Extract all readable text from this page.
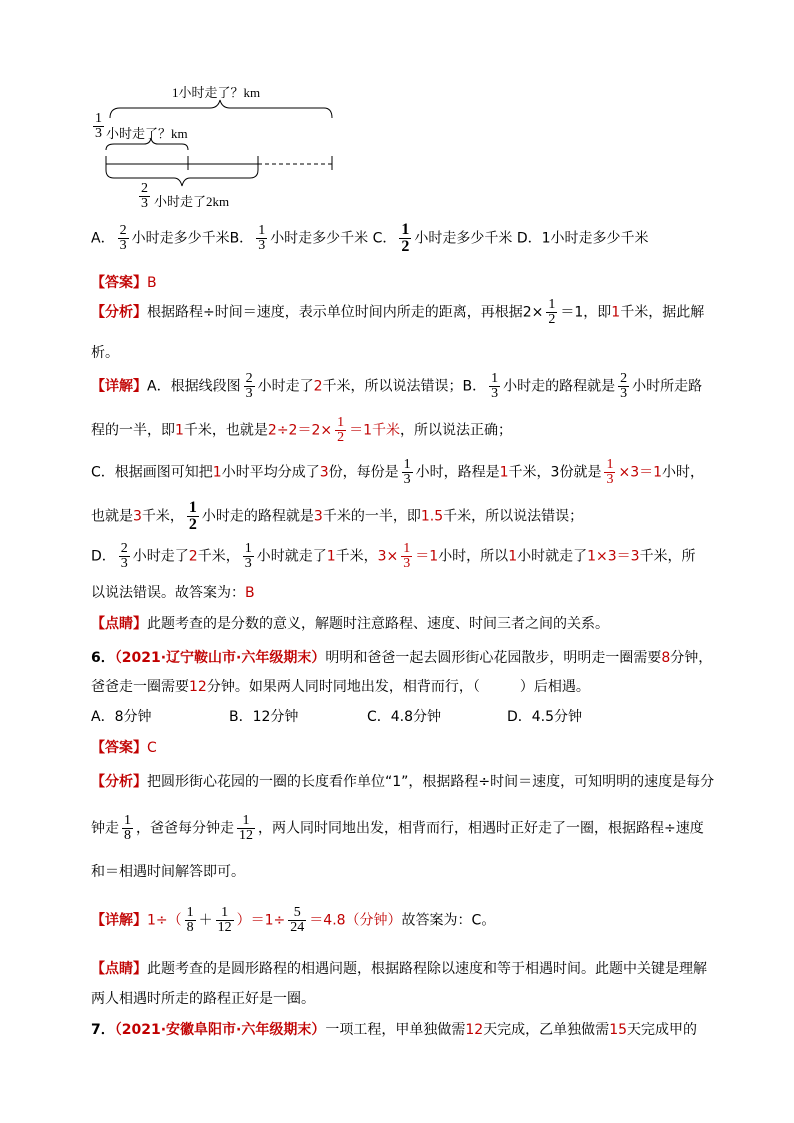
1小时走了？km
$\frac{1}{3}$ 小时走了？km
$\frac{2}{3}$ 小时走了2km
A． $\frac{2}{3}$ 小时走多少千米B． $\frac{1}{3}$ 小时走多少千米 C． $\frac{1}{2}$ 小时走多少千米 D．1小时走多少千米
【答案】B
【分析】根据路程÷时间＝速度，表示单位时间内所走的距离，再根据$2\times \frac{1}{2} =1$，即1千米，据此解
析。
【详解】A．根据线段图 $\frac{2}{3}$ 小时走了2千米，所以说法错误；B． $\frac{1}{3}$ 小时走的路程就是 $\frac{2}{3}$ 小时所走路
程的一半，即1千米，也就是$2\div 2=2\times \frac{1}{2} =1$千米，所以说法正确；
C．根据画图可知把1小时平均分成了3份，每份是 $\frac{1}{3}$ 小时，路程是1千米，3份就是 $\frac{1}{3} \times 3=1$小时，
也就是3千米， $\frac{1}{2}$ 小时走的路程就是3千米的一半，即1.5千米，所以说法错误；
D． $\frac{2}{3}$ 小时走了2千米， $\frac{1}{3}$ 小时就走了1千米，$3\times \frac{1}{3} =1$小时，所以1小时就走了1×3＝3千米，所
以说法错误。故答案为：B
【点睛】此题考查的是分数的意义，解题时注意路程、速度、时间三者之间的关系。
6．（2021·辽宁鞍山市·六年级期末）明明和爸爸一起去圆形街心花园散步，明明走一圈需要8分钟，
爸爸走一圈需要12分钟。如果两人同时同地出发，相背而行，（	）后相遇。
A．8分钟	B．12分钟	C．4.8分钟	D．4.5分钟
【答案】C
【分析】把圆形街心花园的一圈的长度看作单位“1”，根据路程÷时间＝速度，可知明明的速度是每分
钟走 $\frac{1}{8}$ ，爸爸每分钟走 $\frac{1}{12}$ ，两人同时同地出发，相背而行，相遇时正好走了一圈，根据路程÷速度
和＝相遇时间解答即可。
【详解】$1\div( \frac{1}{8} + \frac{1}{12} )=1\div \frac{5}{24} =4.8$（分钟）故答案为：C。
【点睛】此题考查的是圆形路程的相遇问题，根据路程除以速度和等于相遇时间。此题中关键是理解
两人相遇时所走的路程正好是一圈。
7．（2021·安徽阜阳市·六年级期末）一项工程，甲单独做需12天完成，乙单独做需15天完成甲的
